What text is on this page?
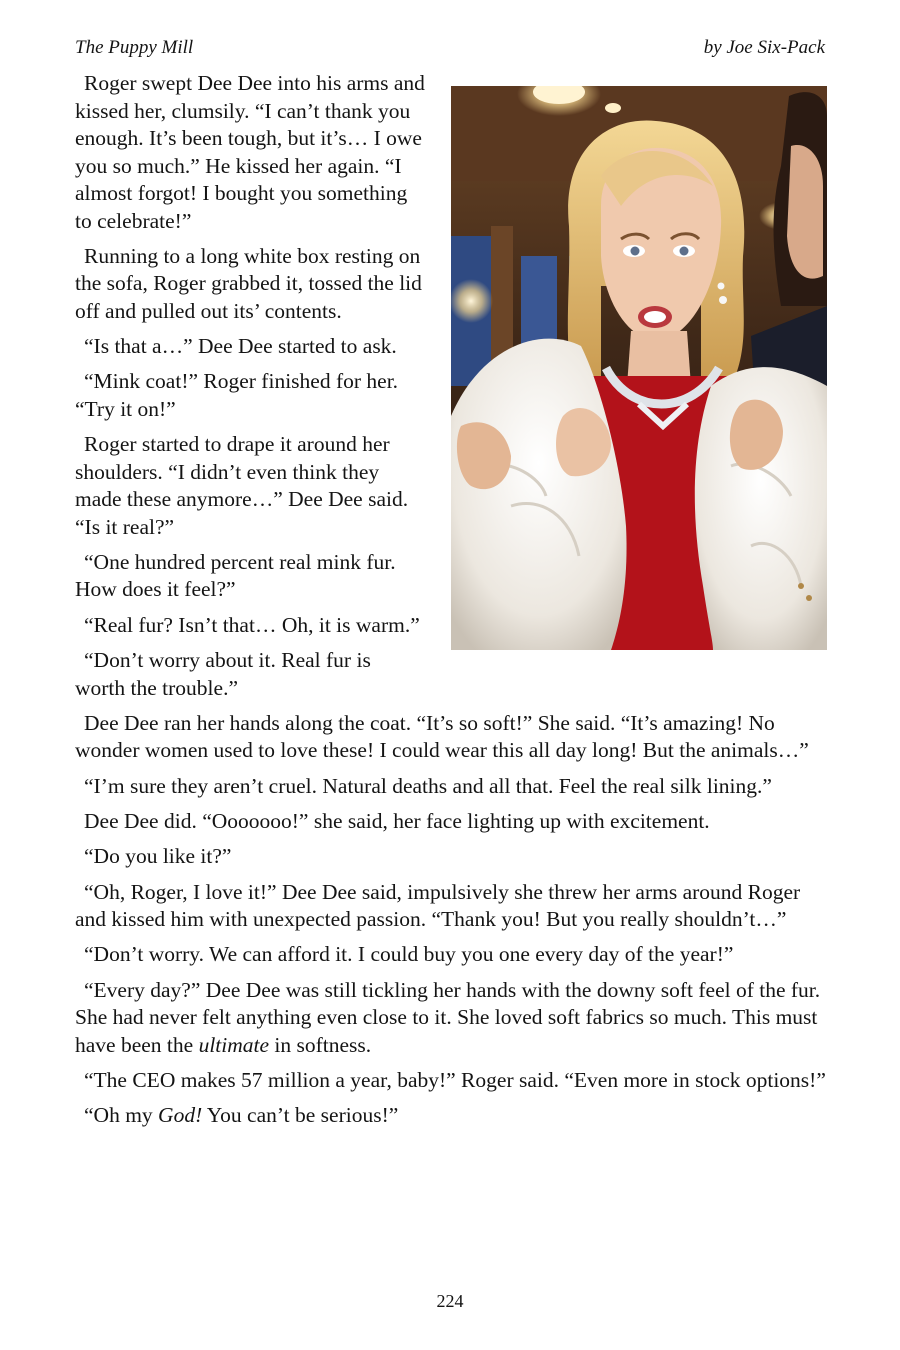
The Puppy Mill	by Joe Six-Pack

Roger swept Dee Dee into his arms and kissed her, clumsily. “I can’t thank you enough. It’s been tough, but it’s… I owe you so much.” He kissed her again. “I almost forgot! I bought you something to celebrate!”

Running to a long white box resting on the sofa, Roger grabbed it, tossed the lid off and pulled out its’ contents.

“Is that a…” Dee Dee started to ask.

“Mink coat!” Roger finished for her. “Try it on!”

Roger started to drape it around her shoulders. “I didn’t even think they made these anymore…” Dee Dee said. “Is it real?”

“One hundred percent real mink fur. How does it feel?”

“Real fur? Isn’t that… Oh, it is warm.”

“Don’t worry about it. Real fur is worth the trouble.”

Dee Dee ran her hands along the coat. “It’s so soft!” She said. “It’s amazing! No wonder women used to love these! I could wear this all day long! But the animals…”

“I’m sure they aren’t cruel. Natural deaths and all that. Feel the real silk lining.”

Dee Dee did. “Ooooooo!” she said, her face lighting up with excitement.

“Do you like it?”

“Oh, Roger, I love it!” Dee Dee said, impulsively she threw her arms around Roger and kissed him with unexpected passion. “Thank you! But you really shouldn’t…”

“Don’t worry. We can afford it. I could buy you one every day of the year!”

“Every day?” Dee Dee was still tickling her hands with the downy soft feel of the fur. She had never felt anything even close to it. She loved soft fabrics so much. This must have been the ultimate in softness.

“The CEO makes 57 million a year, baby!” Roger said. “Even more in stock options!”

“Oh my God! You can’t be serious!”

224
